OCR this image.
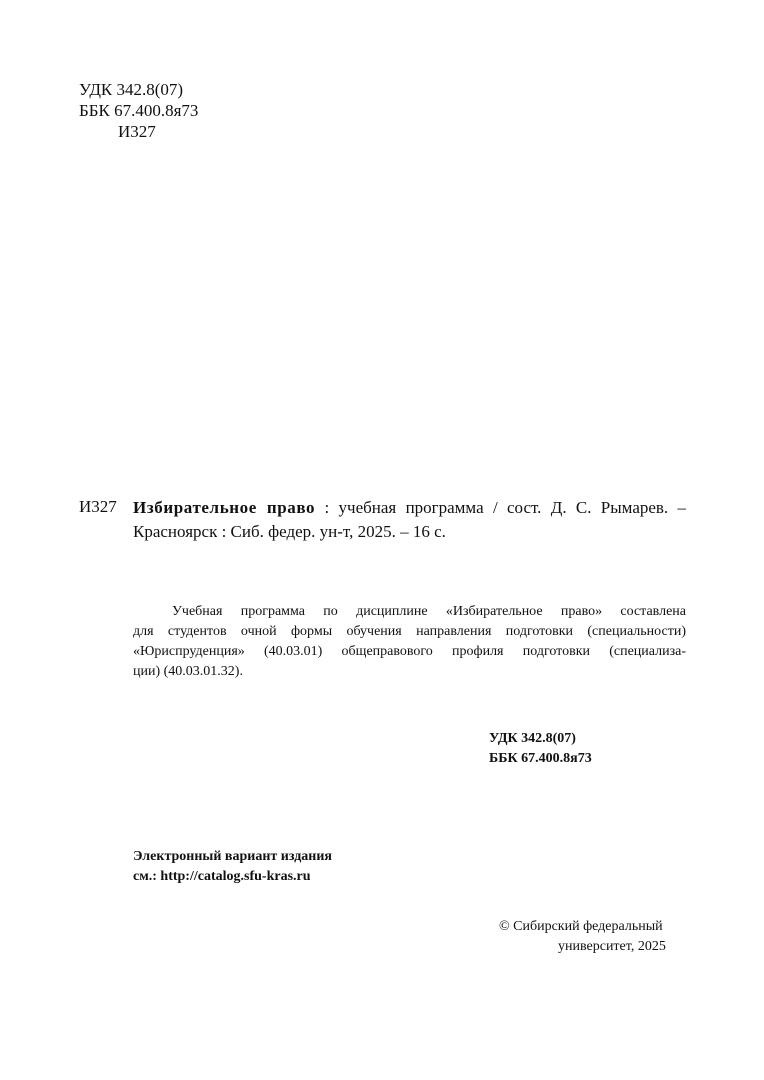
УДК 342.8(07)
ББК 67.400.8я73
И327
И327 Избирательное право : учебная программа / сост. Д. С. Рымарев. –
Красноярск : Сиб. федер. ун-т, 2025. – 16 с.
Учебная программа по дисциплине «Избирательное право» составлена
для студентов очной формы обучения направления подготовки (специальности)
«Юриспруденция» (40.03.01) общеправового профиля подготовки (специализа-
ции) (40.03.01.32).
УДК 342.8(07)
ББК 67.400.8я73
Электронный вариант издания
см.: http://catalog.sfu-kras.ru
© Сибирский федеральный
университет, 2025
